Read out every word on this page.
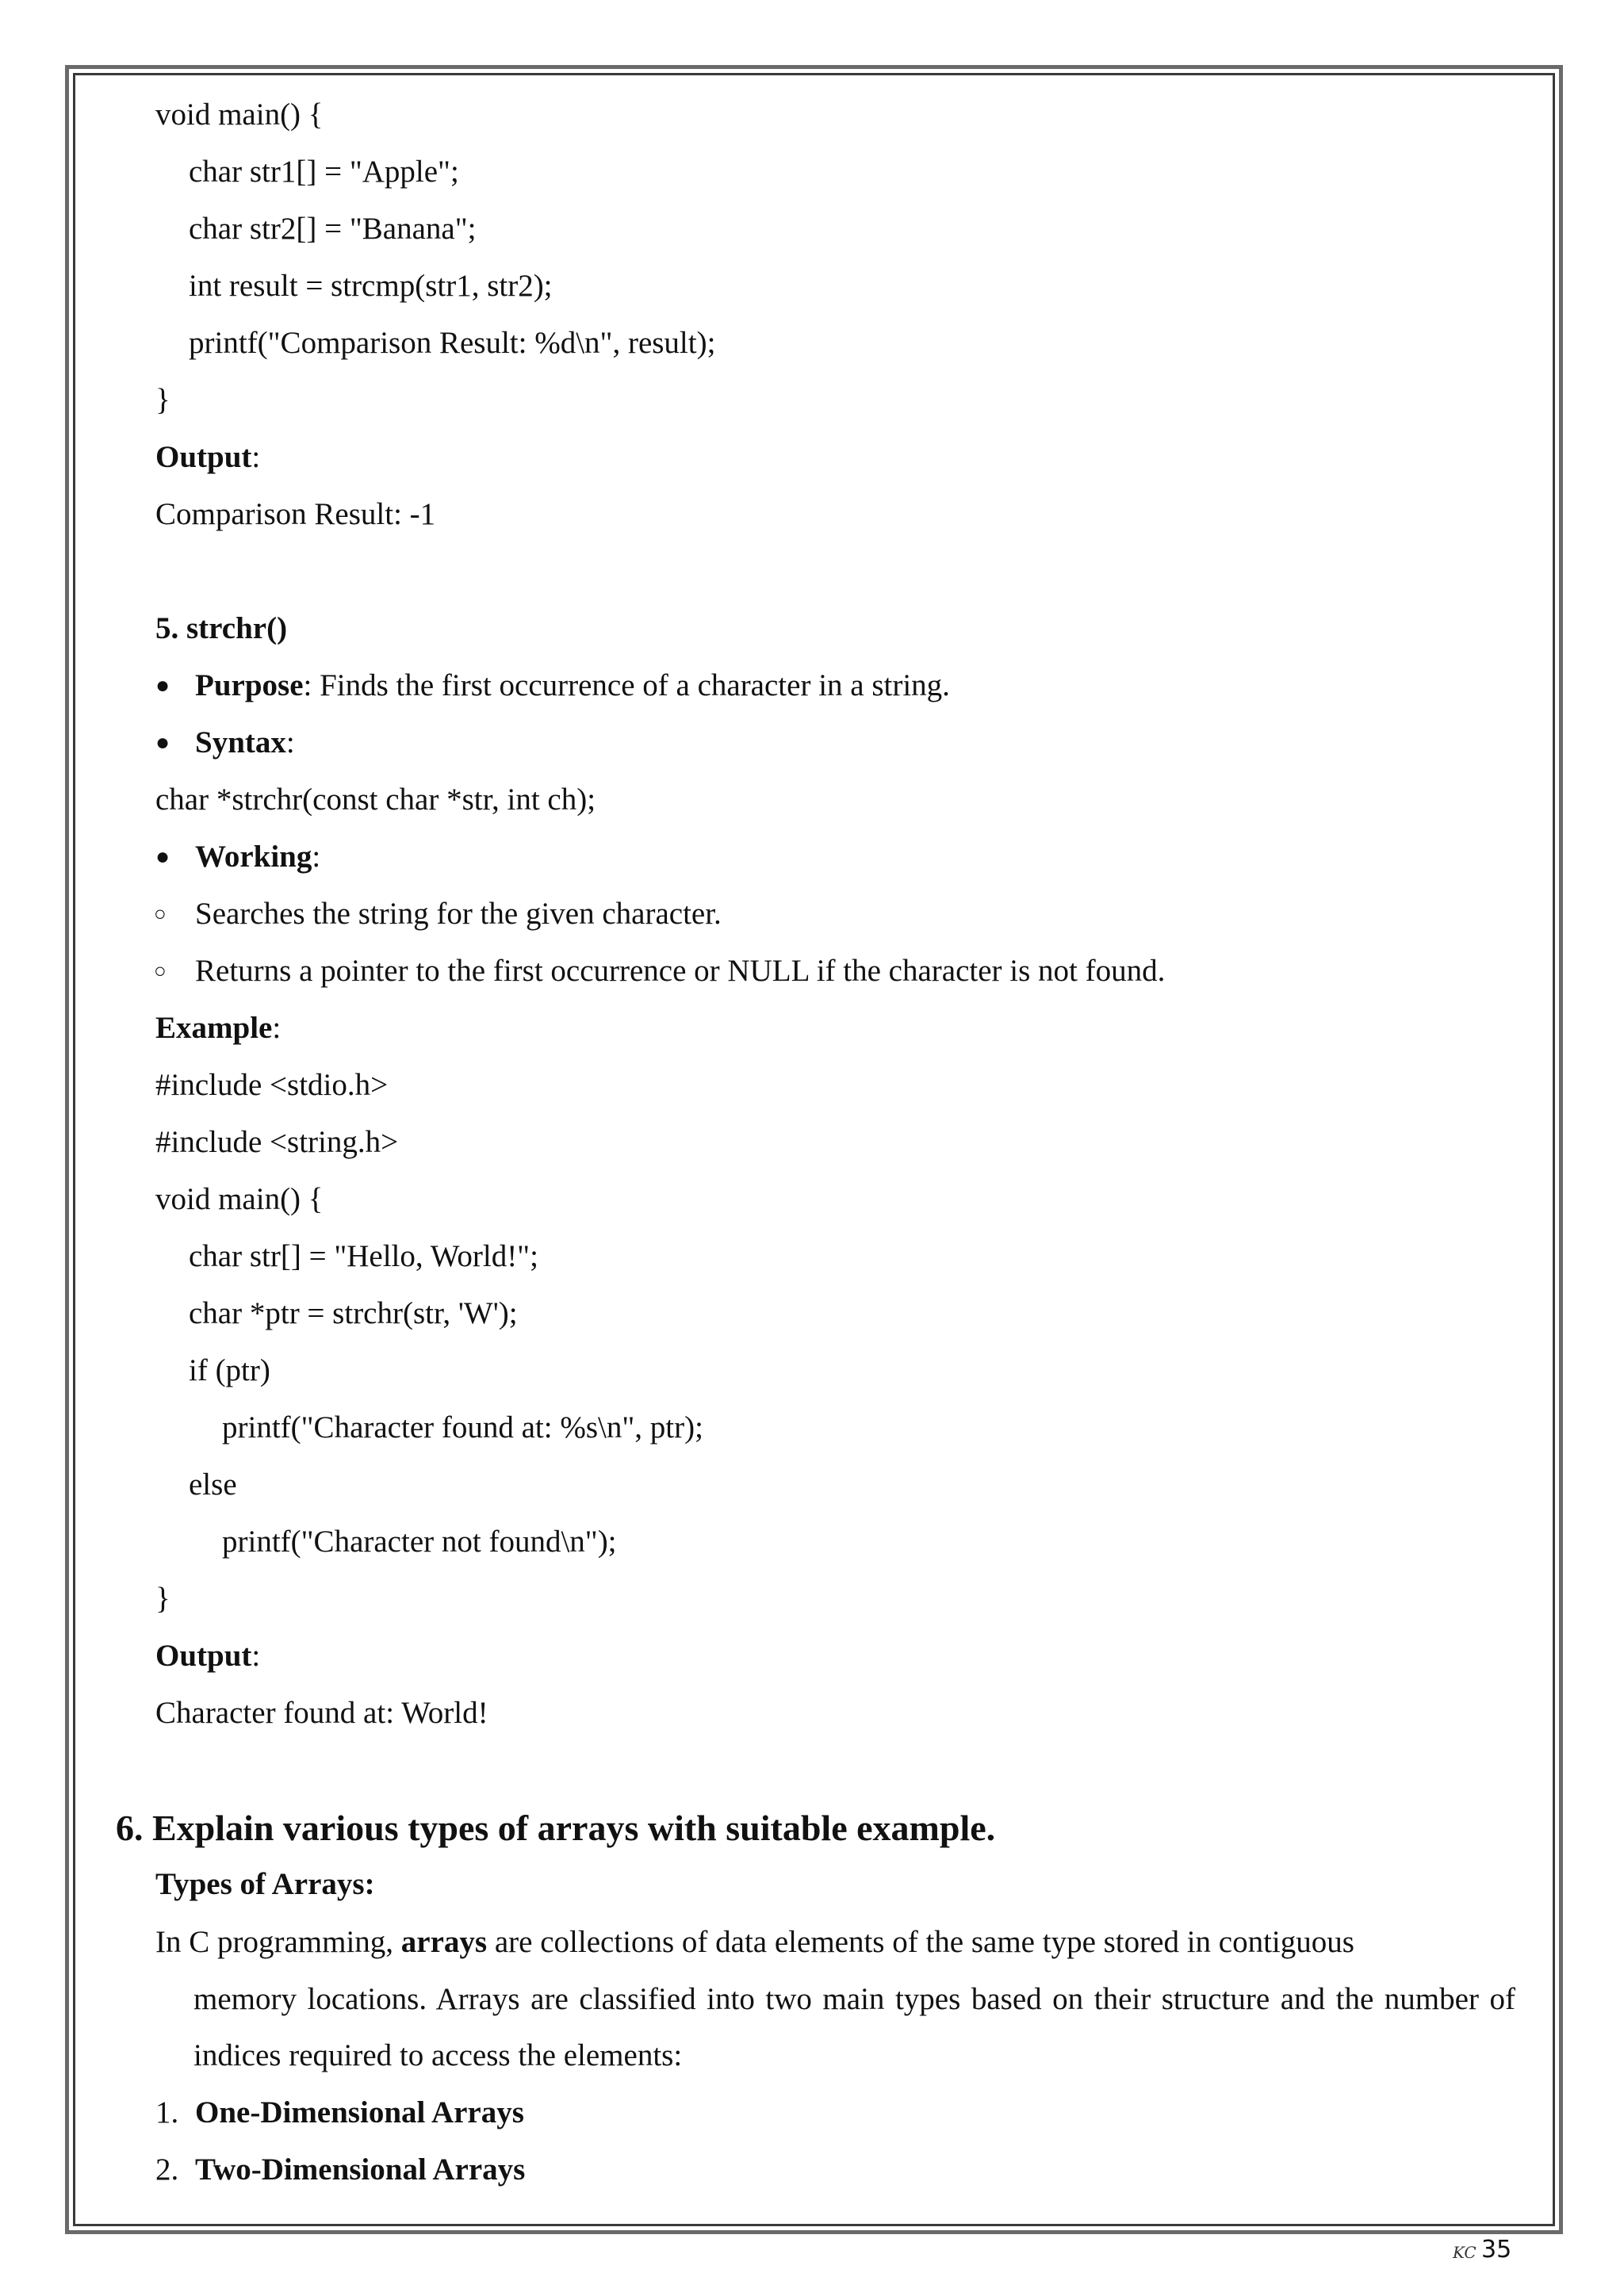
void main() {

char str1[] = "Apple";

char str2[] = "Banana";

int result = strcmp(str1, str2);

printf("Comparison Result: %d\n", result);

}

Output:

Comparison Result: -1

5. strchr()

● Purpose: Finds the first occurrence of a character in a string.

● Syntax:

char *strchr(const char *str, int ch);

● Working:

○ Searches the string for the given character.

○ Returns a pointer to the first occurrence or NULL if the character is not found.

Example:

#include <stdio.h>

#include <string.h>

void main() {

char str[] = "Hello, World!";

char *ptr = strchr(str, 'W');

if (ptr)

printf("Character found at: %s\n", ptr);

else

printf("Character not found\n");

}

Output:

Character found at: World!

6. Explain various types of arrays with suitable example.

Types of Arrays:

In C programming, arrays are collections of data elements of the same type stored in contiguous
memory locations. Arrays are classified into two main types based on their structure and the number of indices required to access the elements:

1. One-Dimensional Arrays

2. Two-Dimensional Arrays

KC 35
